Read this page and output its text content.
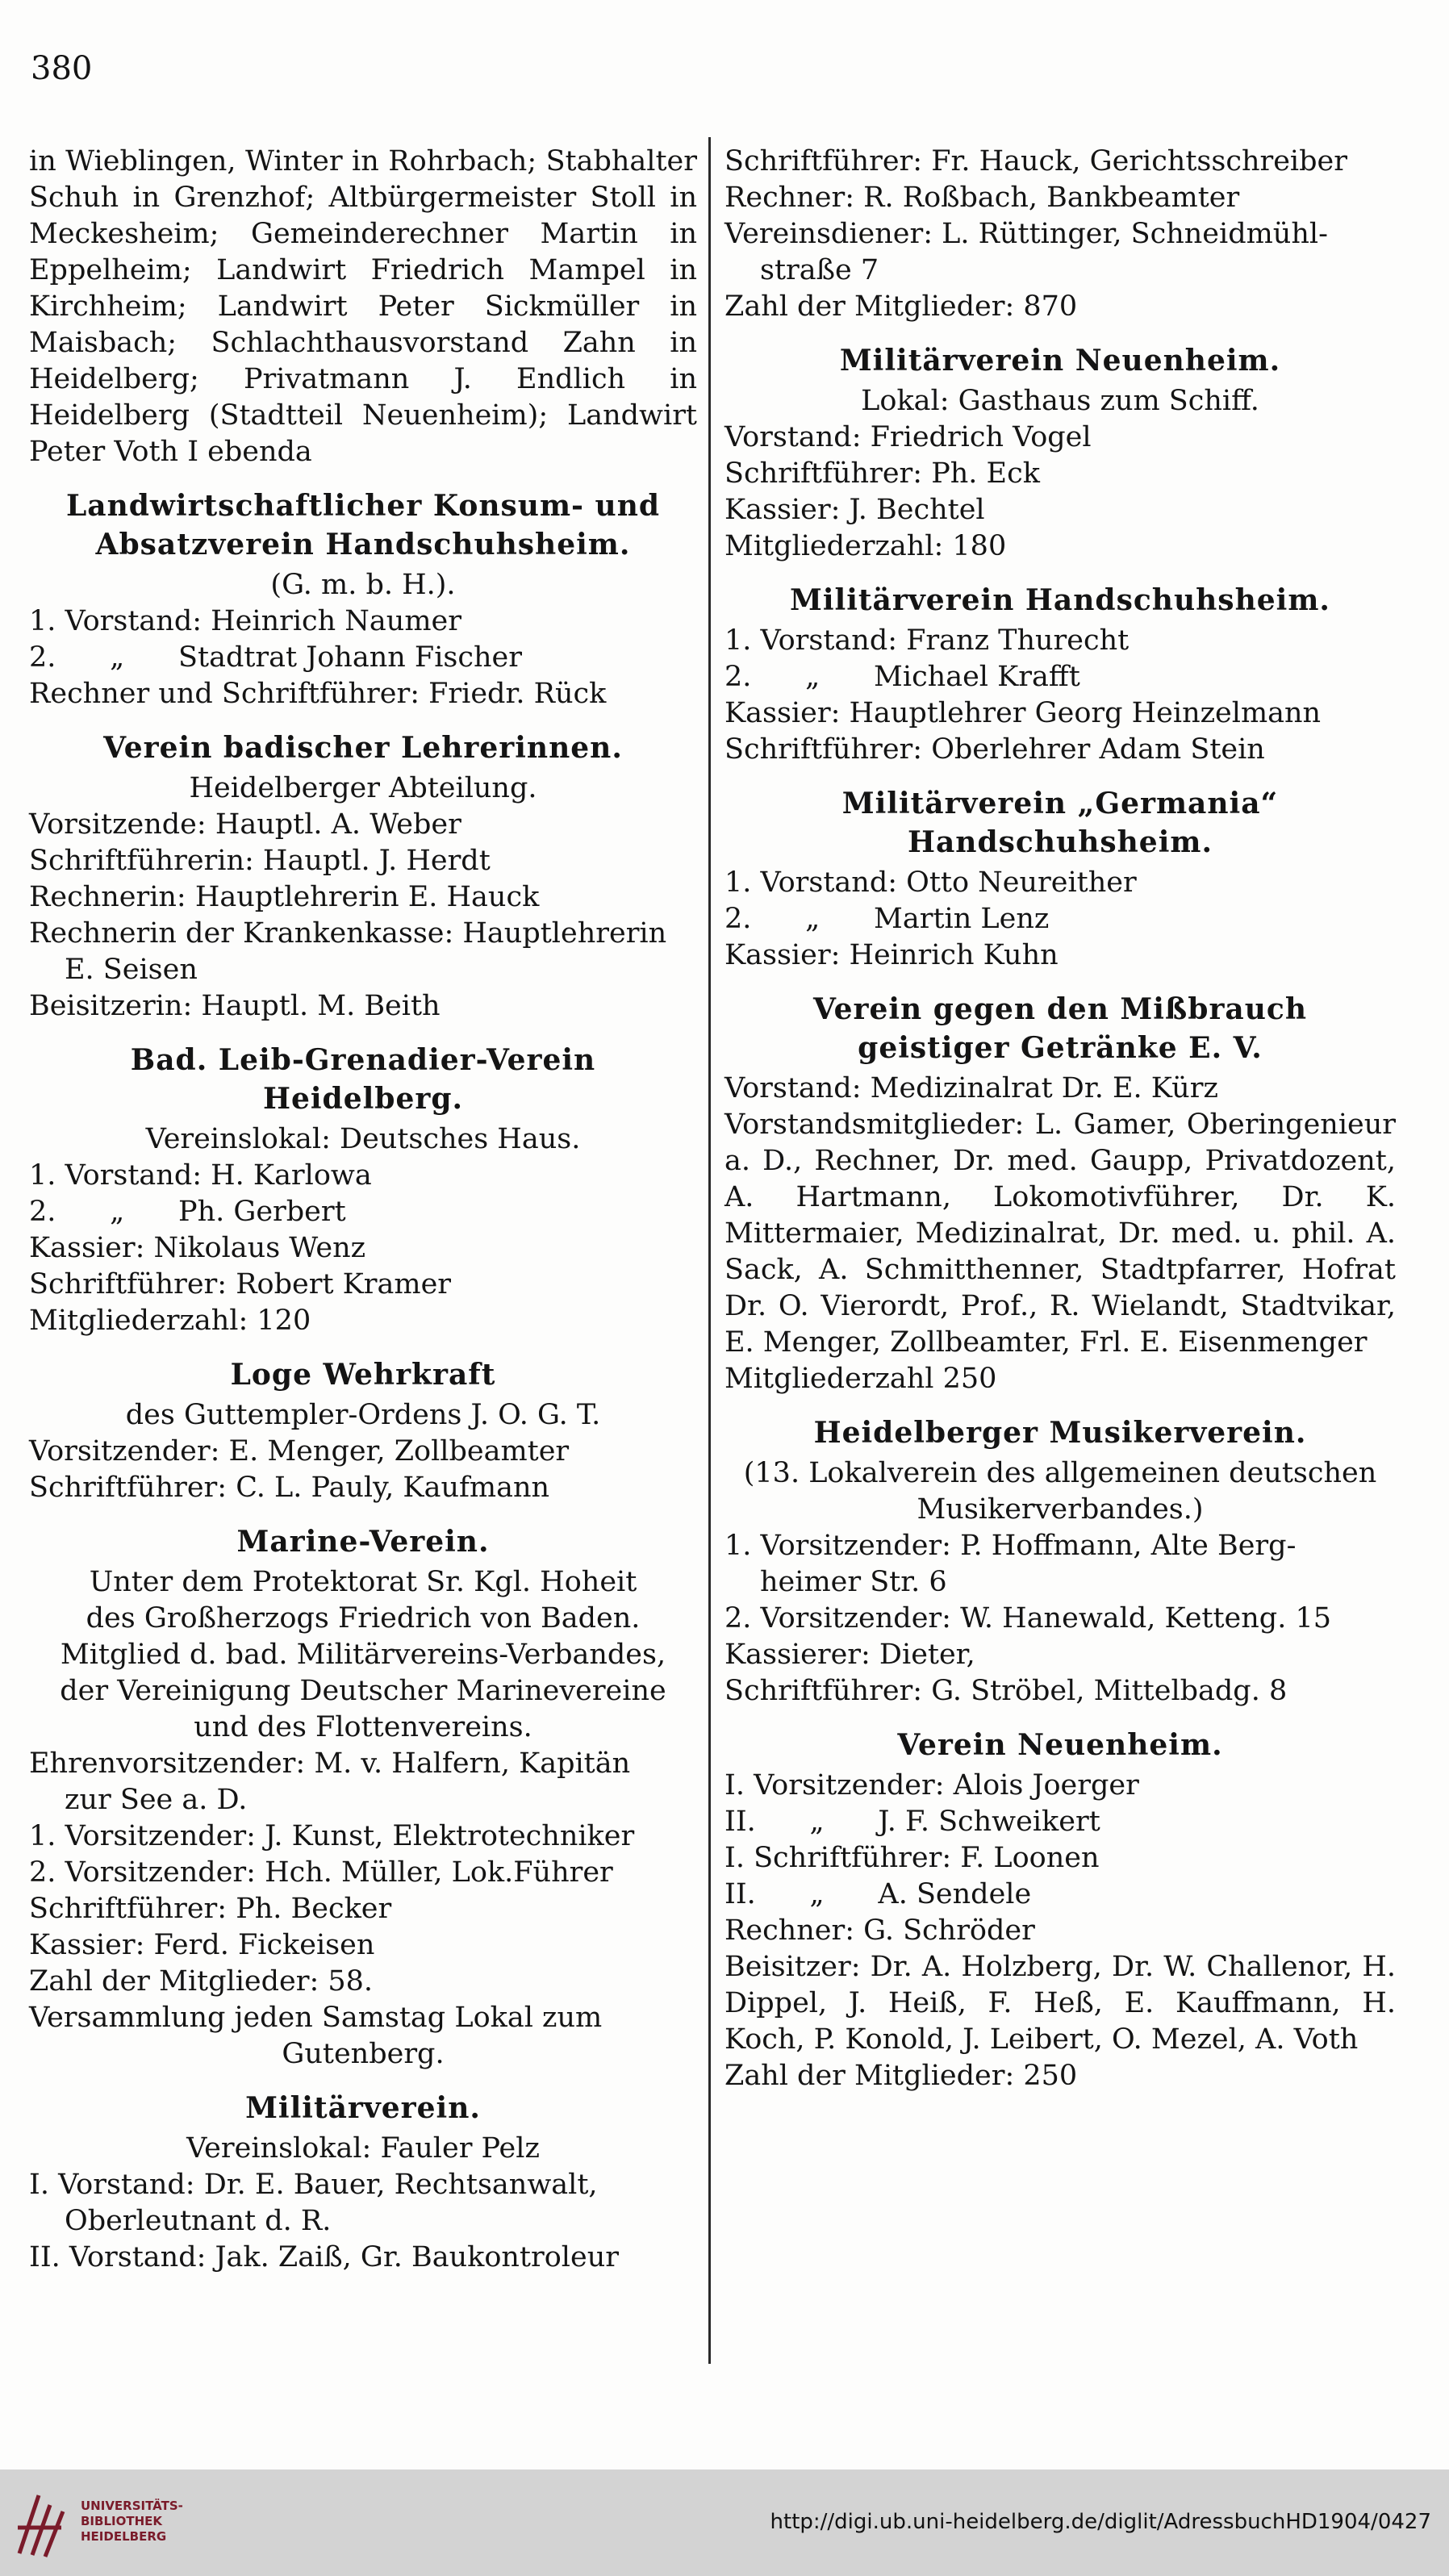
380
in Wieblingen, Winter in Rohrbach; Stabhalter Schuh in Grenzhof; Altbürgermeister Stoll in Meckesheim; Gemeinderechner Martin in Eppelheim; Landwirt Friedrich Mampel in Kirchheim; Landwirt Peter Sickmüller in Maisbach; Schlachthausvorstand Zahn in Heidelberg; Privatmann J. Endlich in Heidelberg (Stadtteil Neuenheim); Landwirt Peter Voth I ebenda
Landwirtschaftlicher Konsum- und
Absatzverein Handschuhsheim.
(G. m. b. H.).
1. Vorstand: Heinrich Naumer
2.      „      Stadtrat Johann Fischer
Rechner und Schriftführer: Friedr. Rück
Verein badischer Lehrerinnen.
Heidelberger Abteilung.
Vorsitzende: Hauptl. A. Weber
Schriftführerin: Hauptl. J. Herdt
Rechnerin: Hauptlehrerin E. Hauck
Rechnerin der Krankenkasse: Hauptlehrerin
E. Seisen
Beisitzerin: Hauptl. M. Beith
Bad. Leib-Grenadier-Verein
Heidelberg.
Vereinslokal: Deutsches Haus.
1. Vorstand: H. Karlowa
2.      „      Ph. Gerbert
Kassier: Nikolaus Wenz
Schriftführer: Robert Kramer
Mitgliederzahl: 120
Loge Wehrkraft
des Guttempler-Ordens J. O. G. T.
Vorsitzender: E. Menger, Zollbeamter
Schriftführer: C. L. Pauly, Kaufmann
Marine-Verein.
Unter dem Protektorat Sr. Kgl. Hoheit
des Großherzogs Friedrich von Baden.
Mitglied d. bad. Militärvereins-Verbandes,
der Vereinigung Deutscher Marinevereine
und des Flottenvereins.
Ehrenvorsitzender: M. v. Halfern, Kapitän
zur See a. D.
1. Vorsitzender: J. Kunst, Elektrotechniker
2. Vorsitzender: Hch. Müller, Lok.Führer
Schriftführer: Ph. Becker
Kassier: Ferd. Fickeisen
Zahl der Mitglieder: 58.
Versammlung jeden Samstag Lokal zum
Gutenberg.
Militärverein.
Vereinslokal: Fauler Pelz
I. Vorstand: Dr. E. Bauer, Rechtsanwalt,
Oberleutnant d. R.
II. Vorstand: Jak. Zaiß, Gr. Baukontroleur
Schriftführer: Fr. Hauck, Gerichtsschreiber
Rechner: R. Roßbach, Bankbeamter
Vereinsdiener: L. Rüttinger, Schneidmühl-
straße 7
Zahl der Mitglieder: 870
Militärverein Neuenheim.
Lokal: Gasthaus zum Schiff.
Vorstand: Friedrich Vogel
Schriftführer: Ph. Eck
Kassier: J. Bechtel
Mitgliederzahl: 180
Militärverein Handschuhsheim.
1. Vorstand: Franz Thurecht
2.      „      Michael Krafft
Kassier: Hauptlehrer Georg Heinzelmann
Schriftführer: Oberlehrer Adam Stein
Militärverein „Germania“
Handschuhsheim.
1. Vorstand: Otto Neureither
2.      „      Martin Lenz
Kassier: Heinrich Kuhn
Verein gegen den Mißbrauch
geistiger Getränke E. V.
Vorstand: Medizinalrat Dr. E. Kürz
Vorstandsmitglieder: L. Gamer, Oberingenieur a. D., Rechner, Dr. med. Gaupp, Privatdozent, A. Hartmann, Lokomotivführer, Dr. K. Mittermaier, Medizinalrat, Dr. med. u. phil. A. Sack, A. Schmitthenner, Stadtpfarrer, Hofrat Dr. O. Vierordt, Prof., R. Wielandt, Stadtvikar, E. Menger, Zollbeamter, Frl. E. Eisenmenger
Mitgliederzahl 250
Heidelberger Musikerverein.
(13. Lokalverein des allgemeinen deutschen
Musikerverbandes.)
1. Vorsitzender: P. Hoffmann, Alte Berg-
heimer Str. 6
2. Vorsitzender: W. Hanewald, Ketteng. 15
Kassierer: Dieter,
Schriftführer: G. Ströbel, Mittelbadg. 8
Verein Neuenheim.
I. Vorsitzender: Alois Joerger
II.      „      J. F. Schweikert
I. Schriftführer: F. Loonen
II.      „      A. Sendele
Rechner: G. Schröder
Beisitzer: Dr. A. Holzberg, Dr. W. Challenor, H. Dippel, J. Heiß, F. Heß, E. Kauffmann, H. Koch, P. Konold, J. Leibert, O. Mezel, A. Voth
Zahl der Mitglieder: 250
UNIVERSITÄTS-
BIBLIOTHEK
HEIDELBERG
http://digi.ub.uni-heidelberg.de/diglit/AdressbuchHD1904/0427
